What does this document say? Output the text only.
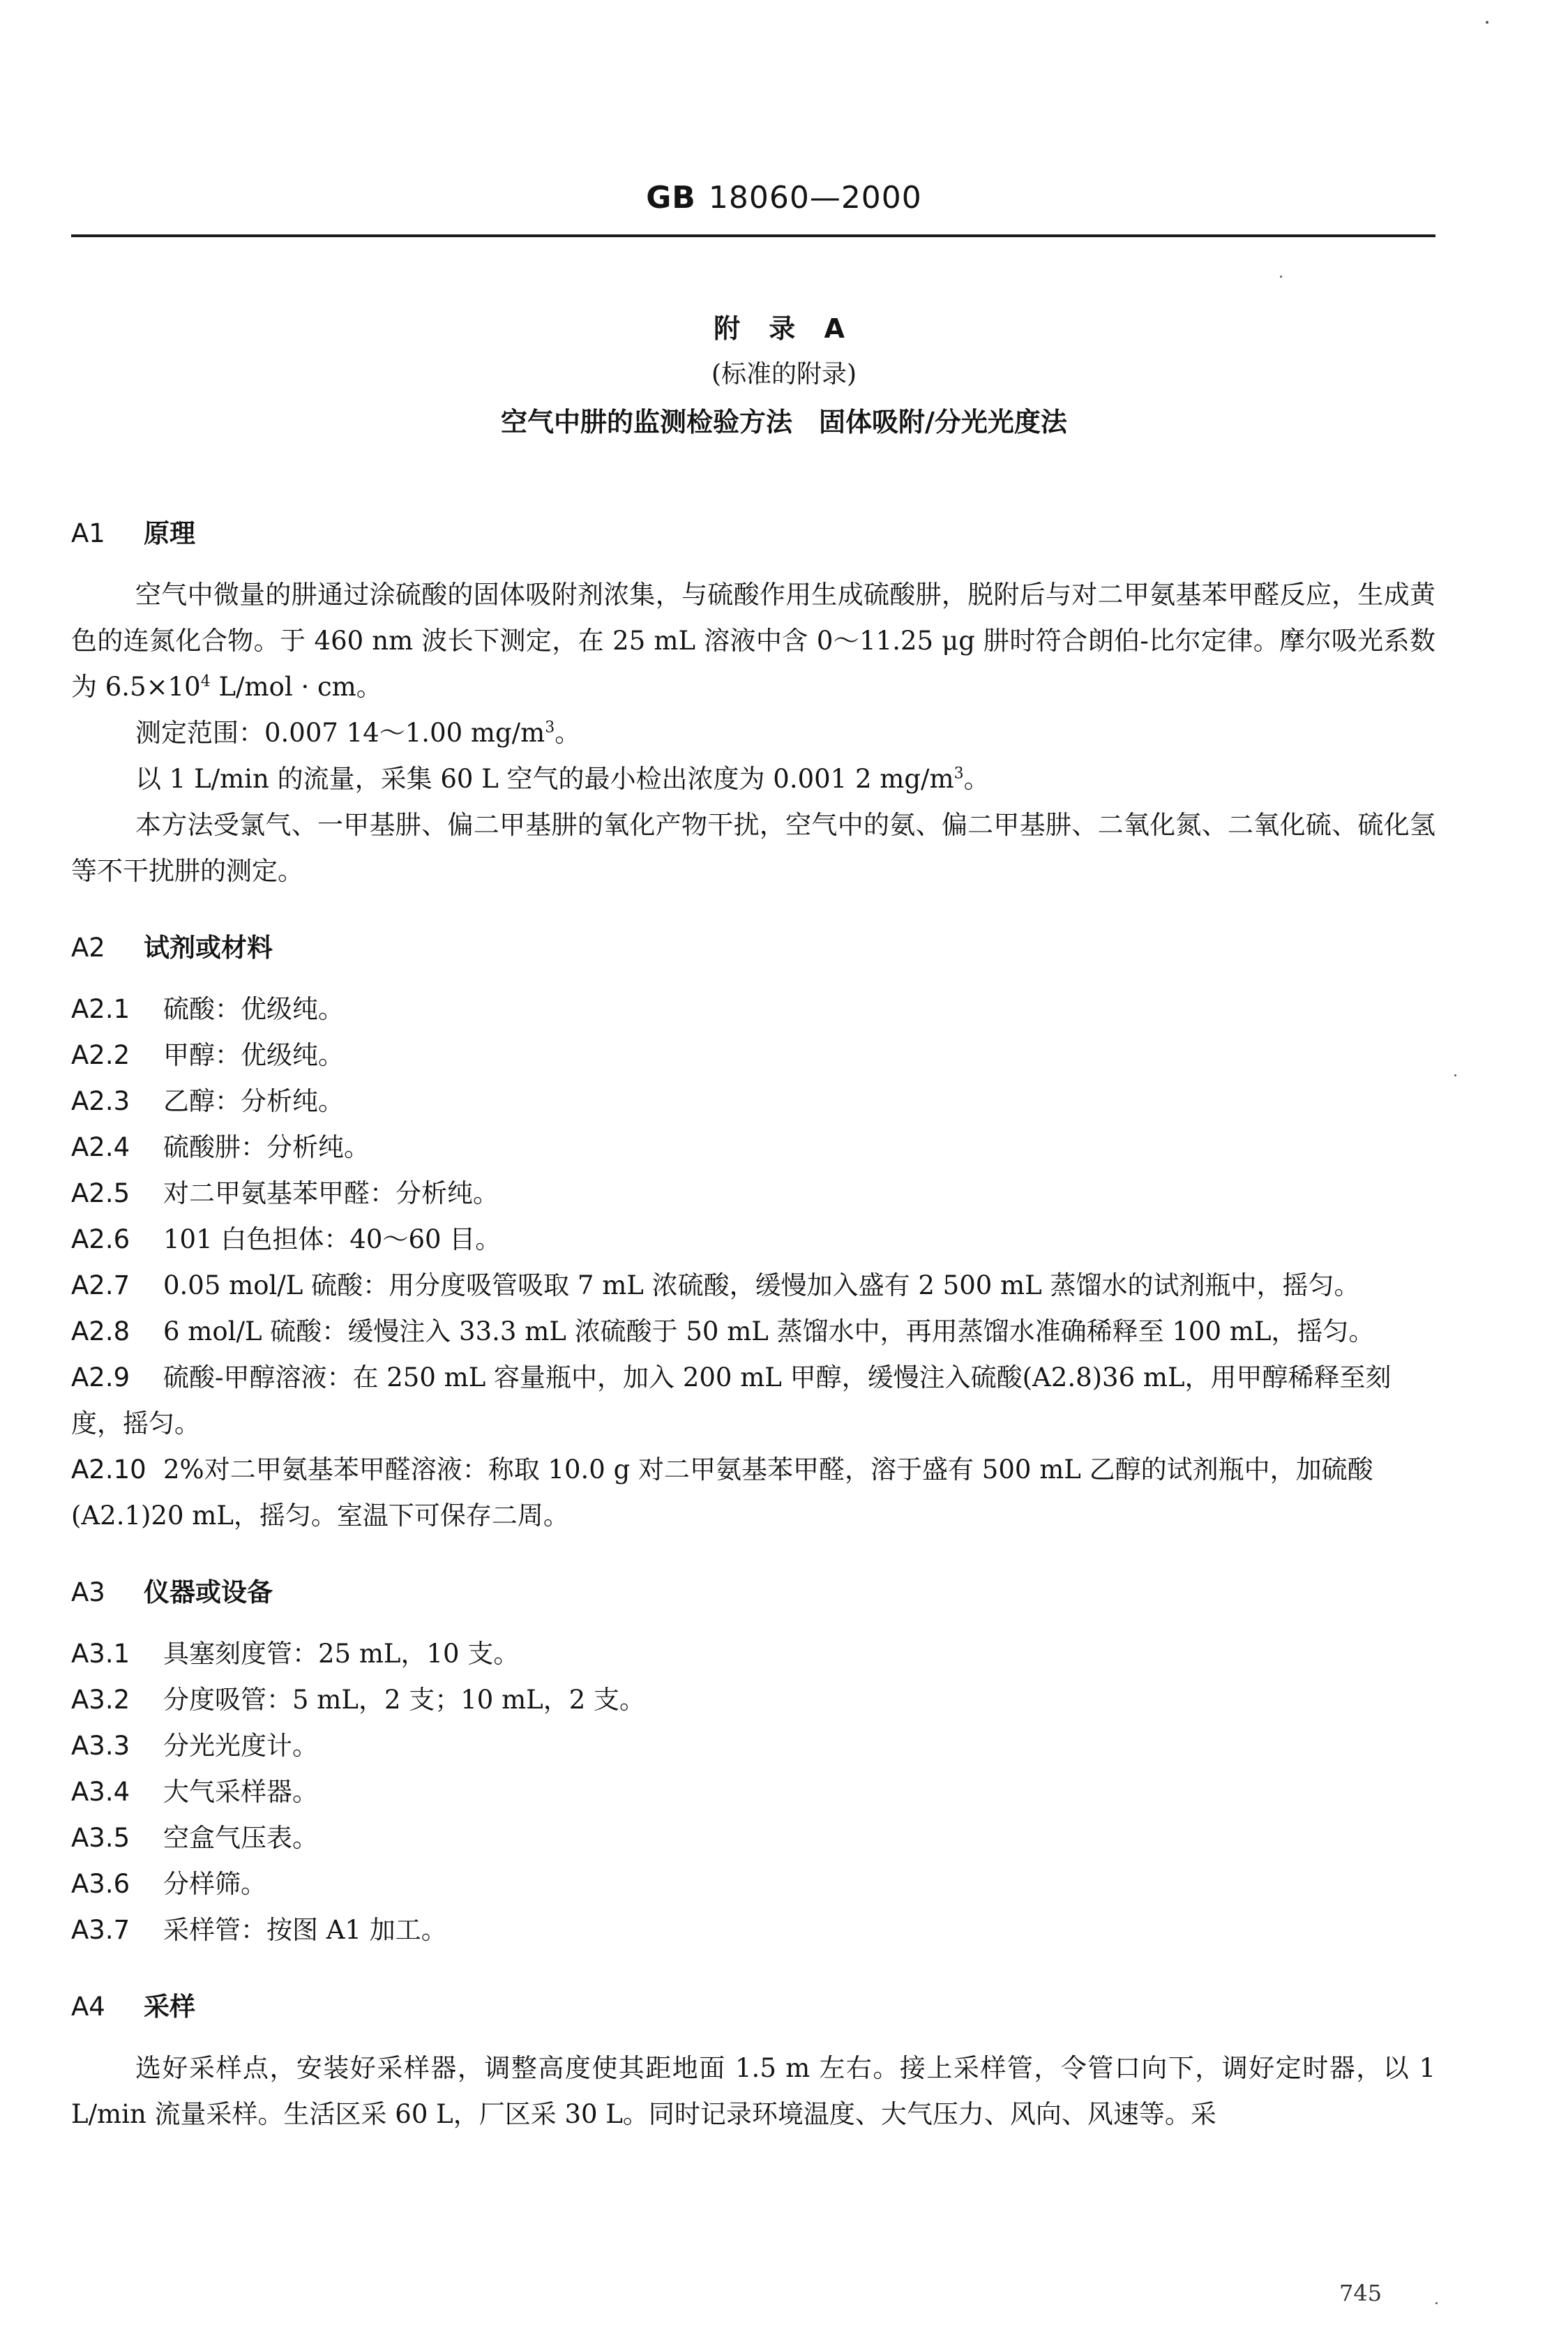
GB 18060—2000
附 录 A
(标准的附录)
空气中肼的监测检验方法　固体吸附/分光光度法
A1 原理
空气中微量的肼通过涂硫酸的固体吸附剂浓集，与硫酸作用生成硫酸肼，脱附后与对二甲氨基苯甲醛反应，生成黄色的连氮化合物。于 460 nm 波长下测定，在 25 mL 溶液中含 0～11.25 μg 肼时符合朗伯-比尔定律。摩尔吸光系数为 $6.5\times 10^4$ L/mol · cm。
测定范围：0.007 14～1.00 $mg/m^3$。
以 1 L/min 的流量，采集 60 L 空气的最小检出浓度为 0.001 2 $mg/m^3$。
本方法受氯气、一甲基肼、偏二甲基肼的氧化产物干扰，空气中的氨、偏二甲基肼、二氧化氮、二氧化硫、硫化氢等不干扰肼的测定。
A2 试剂或材料
A2.1 硫酸：优级纯。
A2.2 甲醇：优级纯。
A2.3 乙醇：分析纯。
A2.4 硫酸肼：分析纯。
A2.5 对二甲氨基苯甲醛：分析纯。
A2.6 101 白色担体：40～60 目。
A2.7 0.05 mol/L 硫酸：用分度吸管吸取 7 mL 浓硫酸，缓慢加入盛有 2 500 mL 蒸馏水的试剂瓶中，摇匀。
A2.8 6 mol/L 硫酸：缓慢注入 33.3 mL 浓硫酸于 50 mL 蒸馏水中，再用蒸馏水准确稀释至 100 mL，摇匀。
A2.9 硫酸-甲醇溶液：在 250 mL 容量瓶中，加入 200 mL 甲醇，缓慢注入硫酸(A2.8)36 mL，用甲醇稀释至刻度，摇匀。
A2.10 2%对二甲氨基苯甲醛溶液：称取 10.0 g 对二甲氨基苯甲醛，溶于盛有 500 mL 乙醇的试剂瓶中，加硫酸(A2.1)20 mL，摇匀。室温下可保存二周。
A3 仪器或设备
A3.1 具塞刻度管：25 mL，10 支。
A3.2 分度吸管：5 mL，2 支；10 mL，2 支。
A3.3 分光光度计。
A3.4 大气采样器。
A3.5 空盒气压表。
A3.6 分样筛。
A3.7 采样管：按图 A1 加工。
A4 采样
选好采样点，安装好采样器，调整高度使其距地面 1.5 m 左右。接上采样管，令管口向下，调好定时器，以 1 L/min 流量采样。生活区采 60 L，厂区采 30 L。同时记录环境温度、大气压力、风向、风速等。采
745
